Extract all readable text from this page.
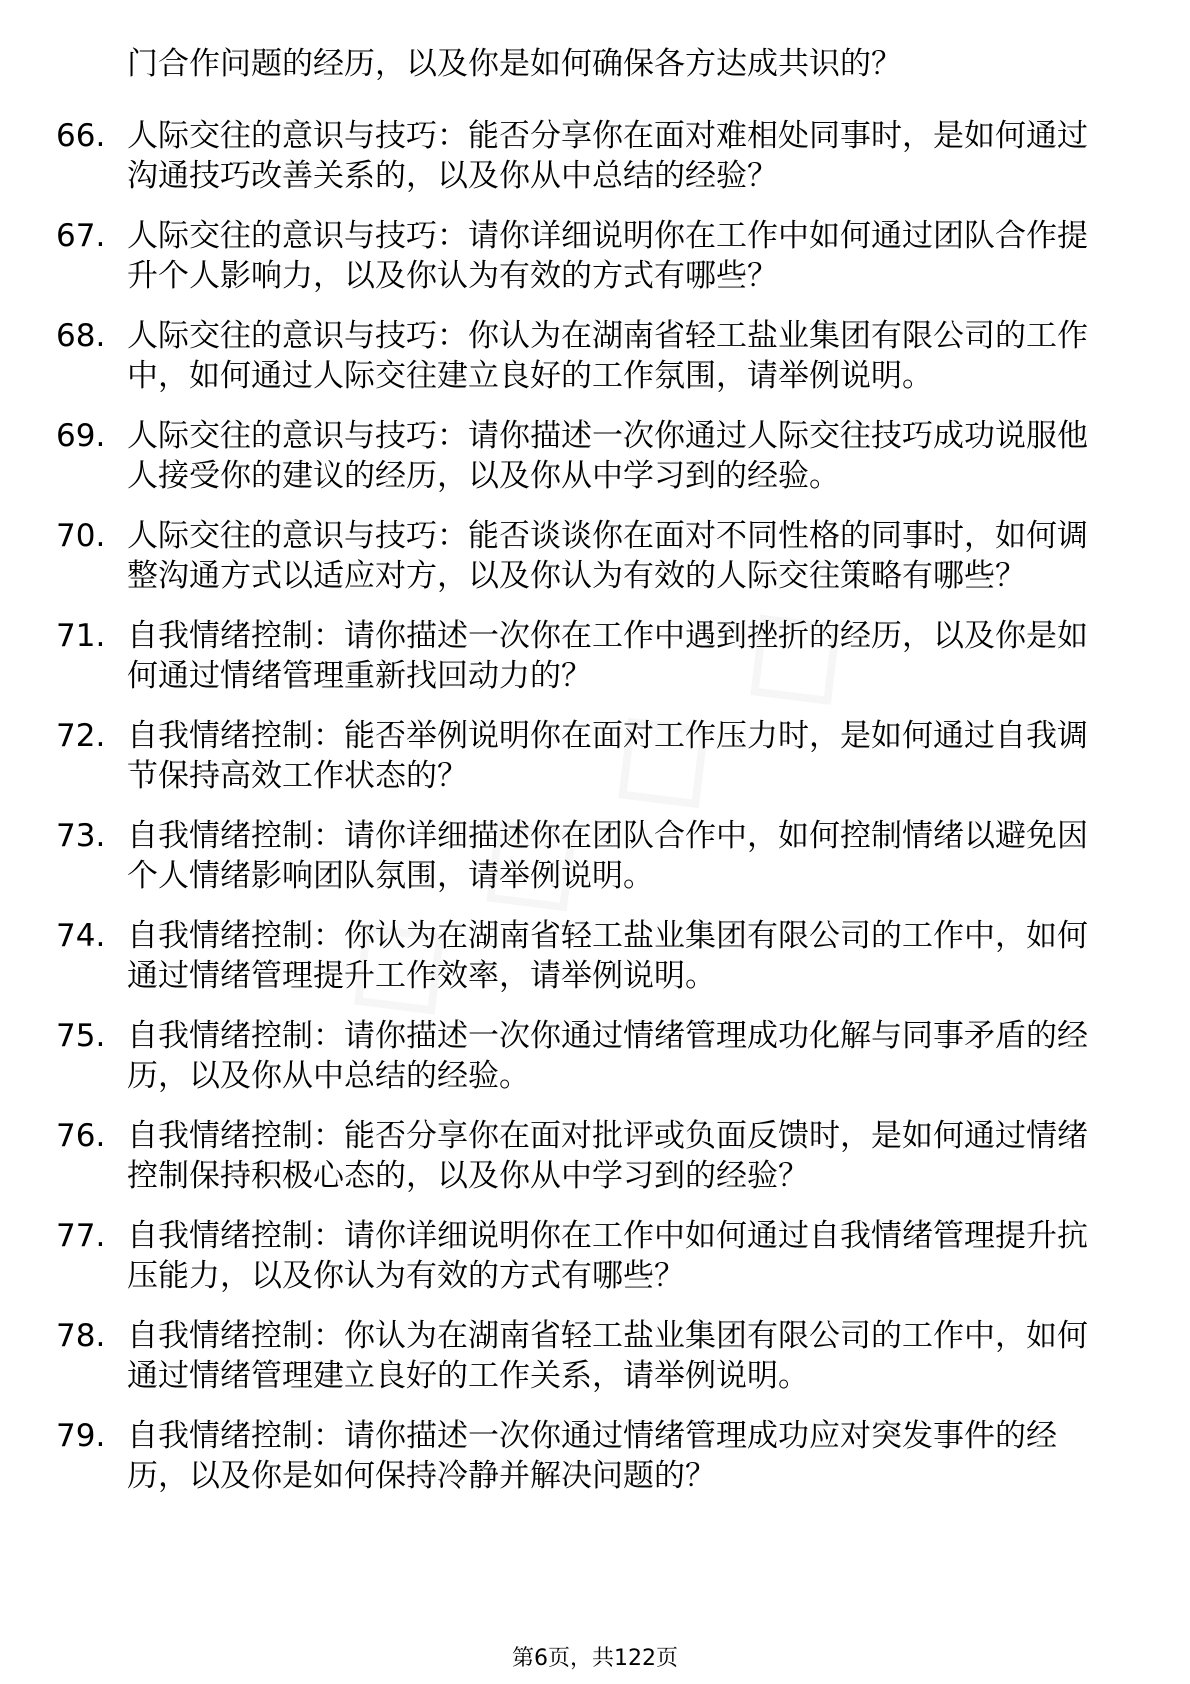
门合作问题的经历，以及你是如何确保各方达成共识的？
66. 人际交往的意识与技巧：能否分享你在面对难相处同事时，是如何通过沟通技巧改善关系的，以及你从中总结的经验？
67. 人际交往的意识与技巧：请你详细说明你在工作中如何通过团队合作提升个人影响力，以及你认为有效的方式有哪些？
68. 人际交往的意识与技巧：你认为在湖南省轻工盐业集团有限公司的工作中，如何通过人际交往建立良好的工作氛围，请举例说明。
69. 人际交往的意识与技巧：请你描述一次你通过人际交往技巧成功说服他人接受你的建议的经历，以及你从中学习到的经验。
70. 人际交往的意识与技巧：能否谈谈你在面对不同性格的同事时，如何调整沟通方式以适应对方，以及你认为有效的人际交往策略有哪些？
71. 自我情绪控制：请你描述一次你在工作中遇到挫折的经历，以及你是如何通过情绪管理重新找回动力的？
72. 自我情绪控制：能否举例说明你在面对工作压力时，是如何通过自我调节保持高效工作状态的？
73. 自我情绪控制：请你详细描述你在团队合作中，如何控制情绪以避免因个人情绪影响团队氛围，请举例说明。
74. 自我情绪控制：你认为在湖南省轻工盐业集团有限公司的工作中，如何通过情绪管理提升工作效率，请举例说明。
75. 自我情绪控制：请你描述一次你通过情绪管理成功化解与同事矛盾的经历，以及你从中总结的经验。
76. 自我情绪控制：能否分享你在面对批评或负面反馈时，是如何通过情绪控制保持积极心态的，以及你从中学习到的经验？
77. 自我情绪控制：请你详细说明你在工作中如何通过自我情绪管理提升抗压能力，以及你认为有效的方式有哪些？
78. 自我情绪控制：你认为在湖南省轻工盐业集团有限公司的工作中，如何通过情绪管理建立良好的工作关系，请举例说明。
79. 自我情绪控制：请你描述一次你通过情绪管理成功应对突发事件的经历，以及你是如何保持冷静并解决问题的？
第6页，共122页
